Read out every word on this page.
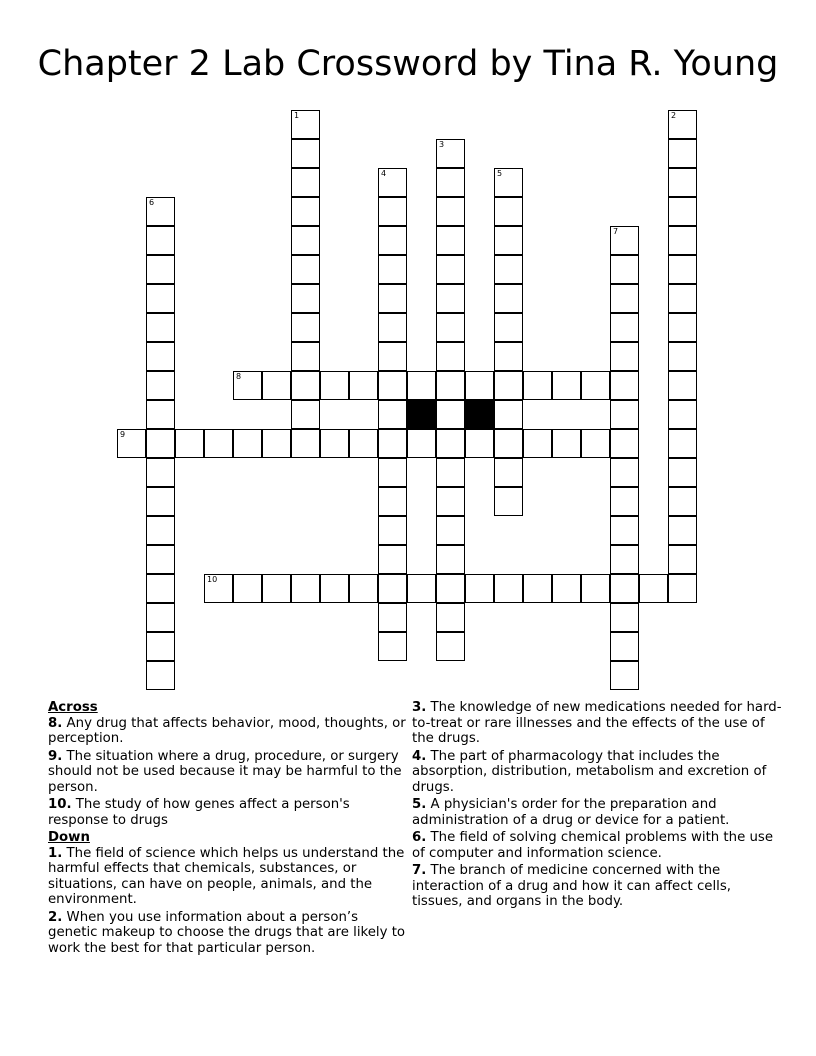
Chapter 2 Lab Crossword by Tina R. Young
1	2
3
4	5
6
7
8
9
10
Across
8. Any drug that affects behavior, mood, thoughts, or perception.
9. The situation where a drug, procedure, or surgery should not be used because it may be harmful to the person.
10. The study of how genes affect a person's response to drugs
Down
1. The field of science which helps us understand the harmful effects that chemicals, substances, or situations, can have on people, animals, and the environment.
2. When you use information about a person’s genetic makeup to choose the drugs that are likely to work the best for that particular person.
3. The knowledge of new medications needed for hard-to-treat or rare illnesses and the effects of the use of the drugs.
4. The part of pharmacology that includes the absorption, distribution, metabolism and excretion of drugs.
5. A physician's order for the preparation and administration of a drug or device for a patient.
6. The field of solving chemical problems with the use of computer and information science.
7. The branch of medicine concerned with the interaction of a drug and how it can affect cells, tissues, and organs in the body.
